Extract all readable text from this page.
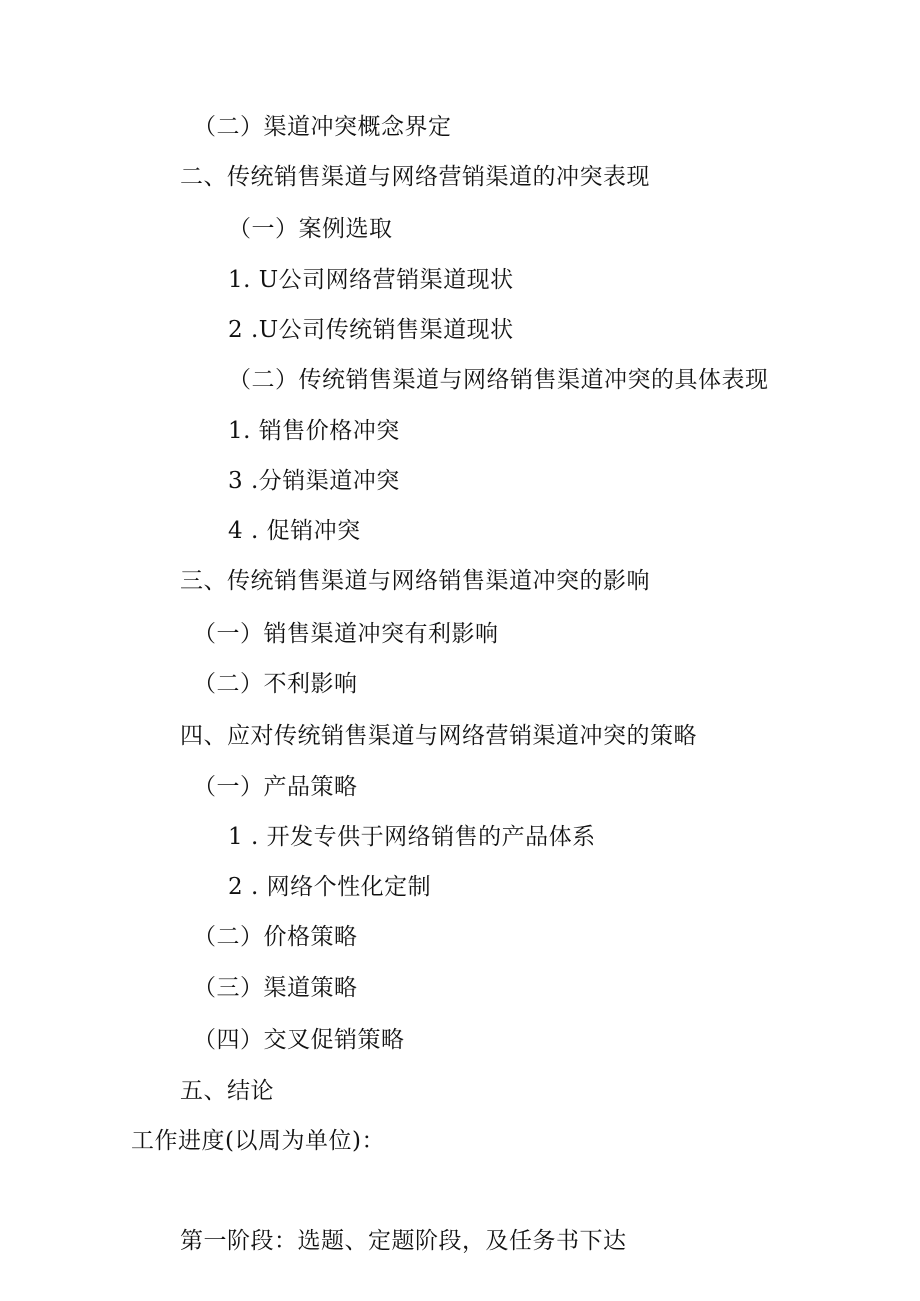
（二）渠道冲突概念界定
二、传统销售渠道与网络营销渠道的冲突表现
（一）案例选取
1. U公司网络营销渠道现状
2 .U公司传统销售渠道现状
（二）传统销售渠道与网络销售渠道冲突的具体表现
1. 销售价格冲突
3 .分销渠道冲突
4 . 促销冲突
三、传统销售渠道与网络销售渠道冲突的影响
（一）销售渠道冲突有利影响
（二）不利影响
四、应对传统销售渠道与网络营销渠道冲突的策略
（一）产品策略
1 . 开发专供于网络销售的产品体系
2 . 网络个性化定制
（二）价格策略
（三）渠道策略
（四）交叉促销策略
五、结论
工作进度(以周为单位)：
第一阶段：选题、定题阶段，及任务书下达
